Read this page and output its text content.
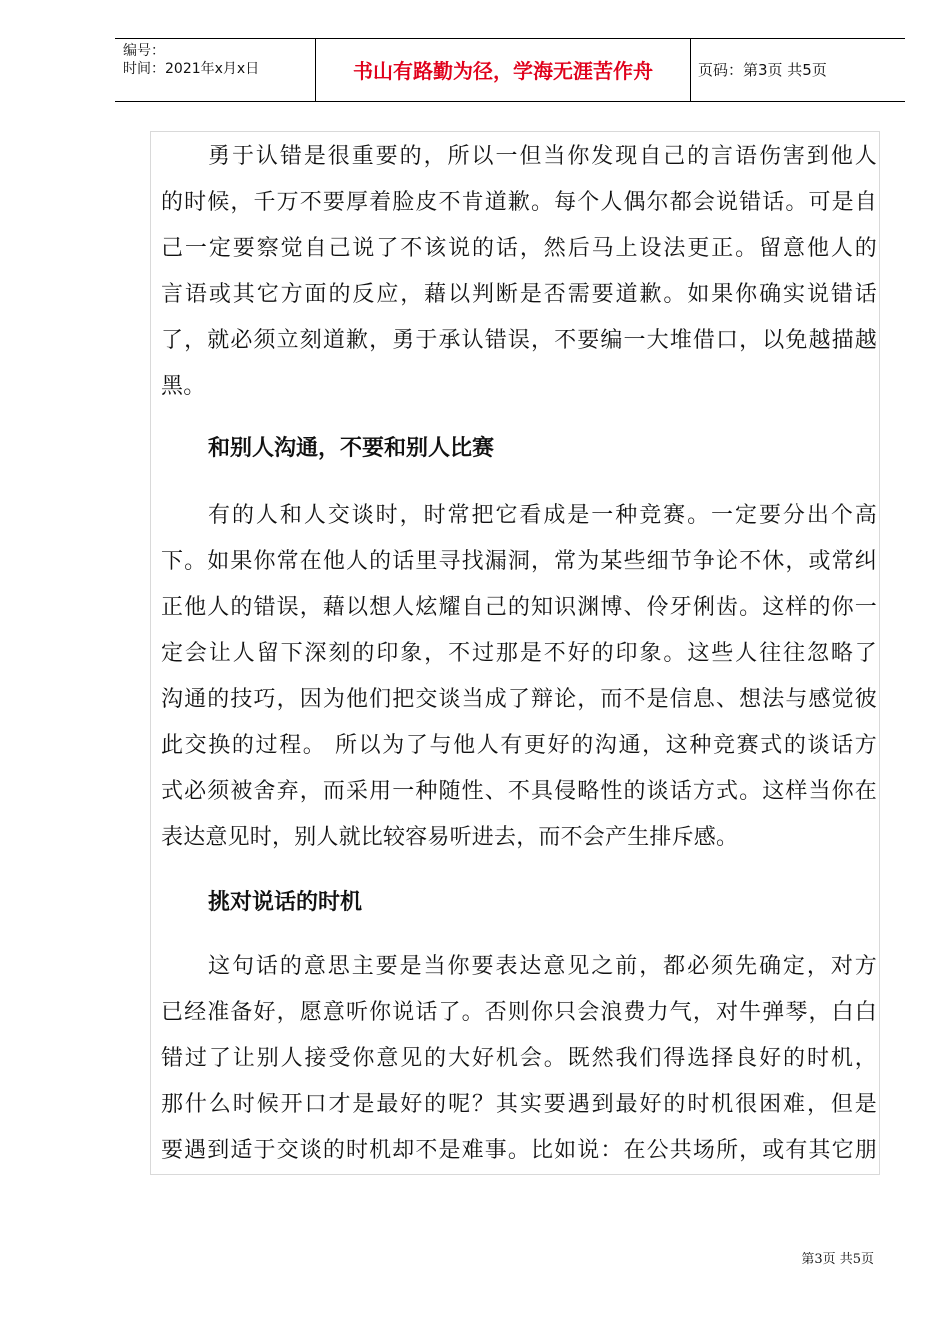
编号：
时间：2021年x月x日	书山有路勤为径，学海无涯苦作舟	页码：第3页 共5页
勇于认错是很重要的，所以一但当你发现自己的言语伤害到他人
的时候，千万不要厚着脸皮不肯道歉。每个人偶尔都会说错话。可是自
己一定要察觉自己说了不该说的话，然后马上设法更正。留意他人的
言语或其它方面的反应，藉以判断是否需要道歉。如果你确实说错话
了，就必须立刻道歉，勇于承认错误，不要编一大堆借口，以免越描越
黑。
和别人沟通，不要和别人比赛
有的人和人交谈时，时常把它看成是一种竞赛。一定要分出个高
下。如果你常在他人的话里寻找漏洞，常为某些细节争论不休，或常纠
正他人的错误，藉以想人炫耀自己的知识渊博、伶牙俐齿。这样的你一
定会让人留下深刻的印象，不过那是不好的印象。这些人往往忽略了
沟通的技巧，因为他们把交谈当成了辩论，而不是信息、想法与感觉彼
此交换的过程。 所以为了与他人有更好的沟通，这种竞赛式的谈话方
式必须被舍弃，而采用一种随性、不具侵略性的谈话方式。这样当你在
表达意见时，别人就比较容易听进去，而不会产生排斥感。
挑对说话的时机
这句话的意思主要是当你要表达意见之前，都必须先确定，对方
已经准备好，愿意听你说话了。否则你只会浪费力气，对牛弹琴，白白
错过了让别人接受你意见的大好机会。既然我们得选择良好的时机，
那什么时候开口才是最好的呢？其实要遇到最好的时机很困难，但是
要遇到适于交谈的时机却不是难事。比如说：在公共场所，或有其它朋
第3页 共5页
